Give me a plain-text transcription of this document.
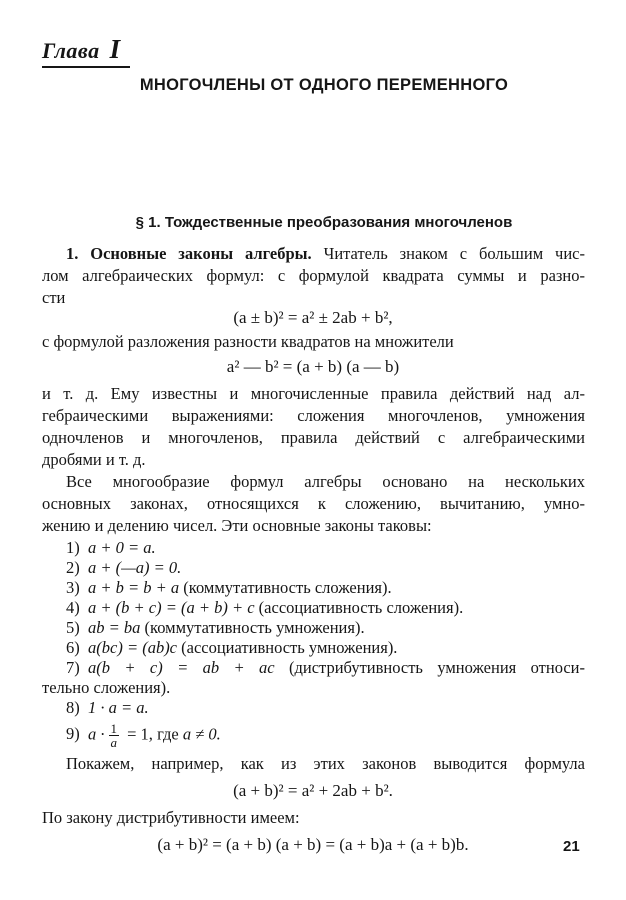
Глава I
МНОГОЧЛЕНЫ ОТ ОДНОГО ПЕРЕМЕННОГО
§ 1. Тождественные преобразования многочленов
1. Основные законы алгебры. Читатель знаком с большим чис-
лом алгебраических формул: с формулой квадрата суммы и разно-
сти
(a ± b)² = a² ± 2ab + b²,
с формулой разложения разности квадратов на множители
a² — b² = (a + b) (a — b)
и т. д. Ему известны и многочисленные правила действий над ал-
гебраическими выражениями: сложения многочленов, умножения
одночленов и многочленов, правила действий с алгебраическими
дробями и т. д.
Все многообразие формул алгебры основано на нескольких
основных законах, относящихся к сложению, вычитанию, умно-
жению и делению чисел. Эти основные законы таковы:
1) a + 0 = a.
2) a + (—a) = 0.
3) a + b = b + a (коммутативность сложения).
4) a + (b + c) = (a + b) + c (ассоциативность сложения).
5) ab = ba (коммутативность умножения).
6) a(bc) = (ab)c (ассоциативность умножения).
7) a(b + c) = ab + ac (дистрибутивность умножения относи-
тельно сложения).
8) 1 · a = a.
9) $a \cdot \frac{1}{a} = 1$, где a ≠ 0.
Покажем, например, как из этих законов выводится формула
(a + b)² = a² + 2ab + b².
По закону дистрибутивности имеем:
(a + b)² = (a + b) (a + b) = (a + b)a + (a + b)b.	21
